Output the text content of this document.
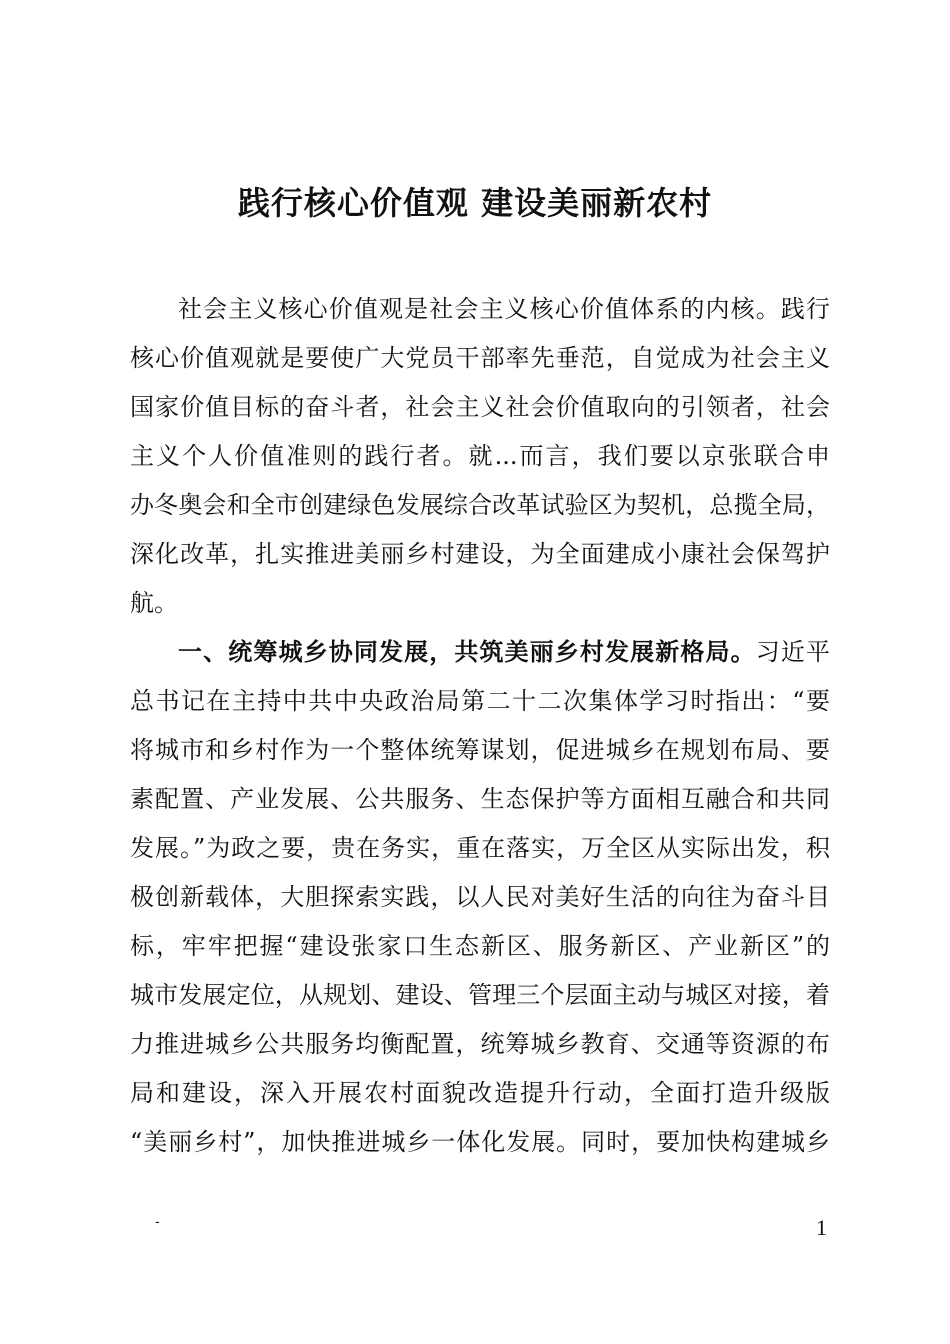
践行核心价值观 建设美丽新农村
社会主义核心价值观是社会主义核心价值体系的内核。践行
核心价值观就是要使广大党员干部率先垂范，自觉成为社会主义
国家价值目标的奋斗者，社会主义社会价值取向的引领者，社会
主义个人价值准则的践行者。就...而言，我们要以京张联合申
办冬奥会和全市创建绿色发展综合改革试验区为契机，总揽全局，
深化改革，扎实推进美丽乡村建设，为全面建成小康社会保驾护
航。
一、统筹城乡协同发展，共筑美丽乡村发展新格局。习近平
总书记在主持中共中央政治局第二十二次集体学习时指出：“要
将城市和乡村作为一个整体统筹谋划，促进城乡在规划布局、要
素配置、产业发展、公共服务、生态保护等方面相互融合和共同
发展。”为政之要，贵在务实，重在落实，万全区从实际出发，积
极创新载体，大胆探索实践，以人民对美好生活的向往为奋斗目
标，牢牢把握“建设张家口生态新区、服务新区、产业新区”的
城市发展定位，从规划、建设、管理三个层面主动与城区对接，着
力推进城乡公共服务均衡配置，统筹城乡教育、交通等资源的布
局和建设，深入开展农村面貌改造提升行动，全面打造升级版
“美丽乡村”，加快推进城乡一体化发展。同时，要加快构建城乡
-	1
